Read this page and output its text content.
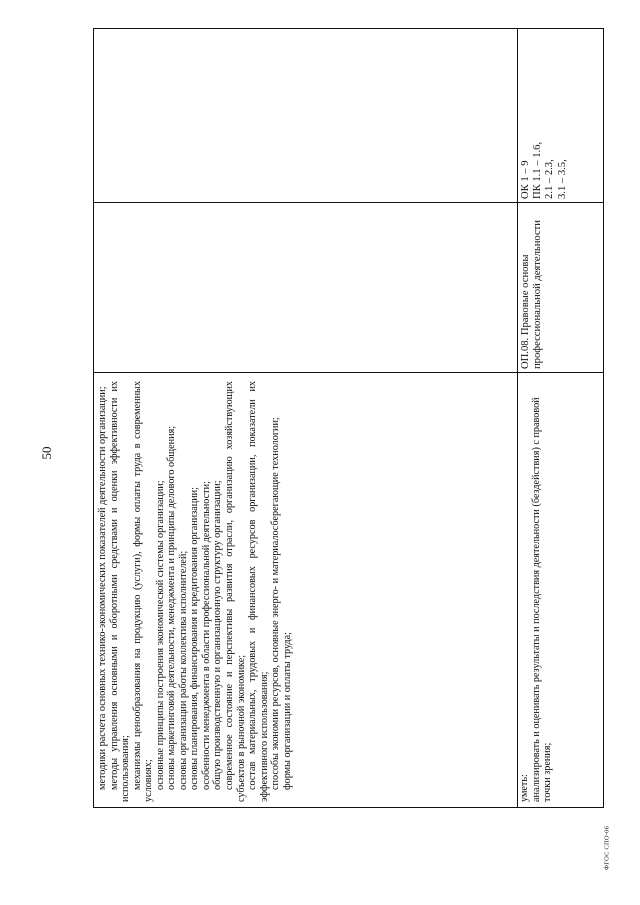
50	методики расчета основных технико-экономических показателей деятельности организации; методы управления основными и оборотными средствами и оценки эффективности их использования; механизмы ценообразования на продукцию (услуги), формы оплаты труда в современных условиях; основные принципы построения экономической системы организации; основы маркетинговой деятельности, менеджмента и принципы делового общения; основы организации работы коллектива исполнителей; основы планирования, финансирования и кредитования организации; особенности менеджмента в области профессиональной деятельности; общую производственную и организационную структуру организации; современное состояние и перспективы развития отрасли, организацию хозяйствующих субъектов в рыночной экономике; состав материальных, трудовых и финансовых ресурсов организации, показатели их эффективного использования; способы экономии ресурсов, основные энерго- и материалосберегающие технологии; формы организации и оплаты труда;	уметь: анализировать и оценивать результаты и последствия деятельности (бездействия) с правовой точки зрения;

ОП.08. Правовые основы профессиональной деятельности
ОК 1 – 9 ПК 1.1 – 1.6, 2.1 – 2.3, 3.1 – 3.5,
ФГОС СПО-06
